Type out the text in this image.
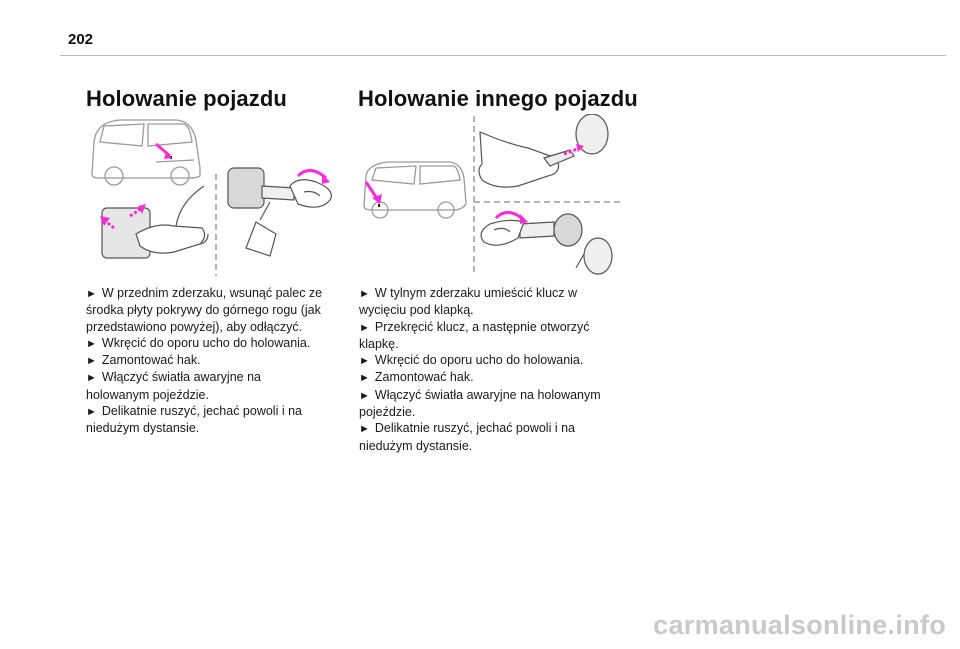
202
Holowanie pojazdu

► W przednim zderzaku, wsunąć palec ze środka płyty pokrywy do górnego rogu (jak przedstawiono powyżej), aby odłączyć.

► Wkręcić do oporu ucho do holowania.

► Zamontować hak.

► Włączyć światła awaryjne na holowanym pojeździe.

► Delikatnie ruszyć, jechać powoli i na niedużym dystansie.

Holowanie innego pojazdu

► W tylnym zderzaku umieścić klucz w wycięciu pod klapką.

► Przekręcić klucz, a następnie otworzyć klapkę.

► Wkręcić do oporu ucho do holowania.

► Zamontować hak.

► Włączyć światła awaryjne na holowanym pojeździe.

► Delikatnie ruszyć, jechać powoli i na niedużym dystansie.

carmanualsonline.info
